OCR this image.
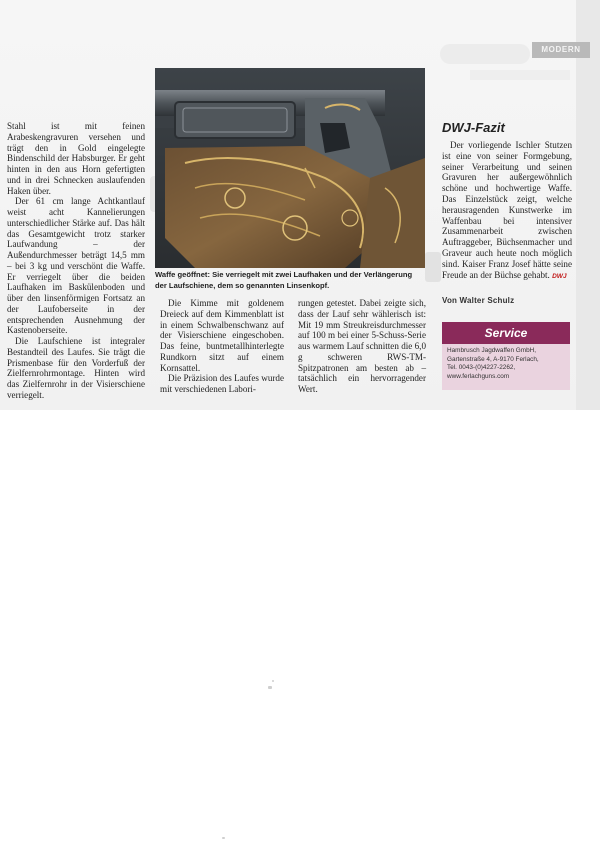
MODERN

Stahl ist mit feinen Arabeskengravuren versehen und trägt den in Gold eingelegte Bindenschild der Habsburger. Er geht hinten in den aus Horn gefertigten und in drei Schnecken auslaufenden Haken über.

Der 61 cm lange Achtkantlauf weist acht Kannelierungen unterschiedlicher Stärke auf. Das hält das Gesamtgewicht trotz starker Laufwandung – der Außendurchmesser beträgt 14,5 mm – bei 3 kg und verschönt die Waffe. Er verriegelt über die beiden Laufhaken im Baskülenboden und über den linsenförmigen Fortsatz an der Laufoberseite in der entsprechenden Ausnehmung der Kastenoberseite.

Die Laufschiene ist integraler Bestandteil des Laufes. Sie trägt die Prismenbase für den Vorderfuß der Zielfernrohrmontage. Hinten wird das Zielfernrohr in der Visierschiene verriegelt.

Waffe geöffnet: Sie verriegelt mit zwei Laufhaken und der Verlängerung der Laufschiene, dem so genannten Linsenkopf.

Die Kimme mit goldenem Dreieck auf dem Kimmenblatt ist in einem Schwalbenschwanz auf der Visierschiene eingeschoben. Das feine, buntmetallhinterlegte Rundkorn sitzt auf einem Kornsattel.

Die Präzision des Laufes wurde mit verschiedenen Labori-

rungen getestet. Dabei zeigte sich, dass der Lauf sehr wählerisch ist: Mit 19 mm Streukreisdurchmesser auf 100 m bei einer 5-Schuss-Serie aus warmem Lauf schnitten die 6,0 g schweren RWS-TM-Spitzpatronen am besten ab – tatsächlich ein hervorragender Wert.

DWJ-Fazit
Der vorliegende Ischler Stutzen ist eine von seiner Formgebung, seiner Verarbeitung und seinen Gravuren her außergewöhnlich schöne und hochwertige Waffe. Das Einzelstück zeigt, welche herausragenden Kunstwerke im Waffenbau bei intensiver Zusammenarbeit zwischen Auftraggeber, Büchsenmacher und Graveur auch heute noch möglich sind. Kaiser Franz Josef hätte seine Freude an der Büchse gehabt. DWJ
Von Walter Schulz
Service
Hambrusch Jagdwaffen GmbH,
Gartenstraße 4, A-9170 Ferlach,
Tel. 0043-(0)4227-2262,
www.ferlachguns.com
